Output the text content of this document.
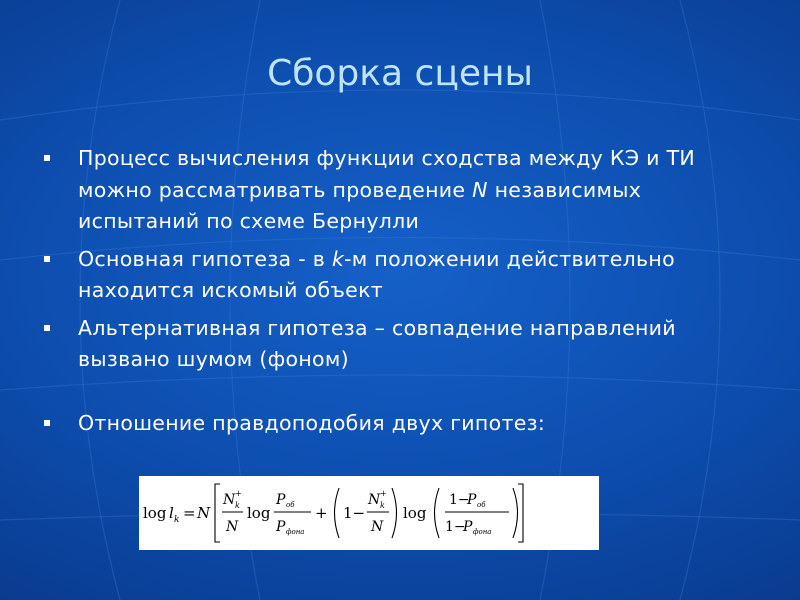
Сборка сцены

Процесс вычисления функции сходства между КЭ и ТИ можно рассматривать проведение N независимых испытаний по схеме Бернулли

Основная гипотеза - в k-м положении действительно находится искомый объект

Альтернативная гипотеза – совпадение направлений вызвано шумом (фоном)

Отношение правдоподобия двух гипотез:

log l k = N
N +
k
N
log
P об
P фона
+ 1−
N +
k
N
log
1−
P об
1−
P фона
